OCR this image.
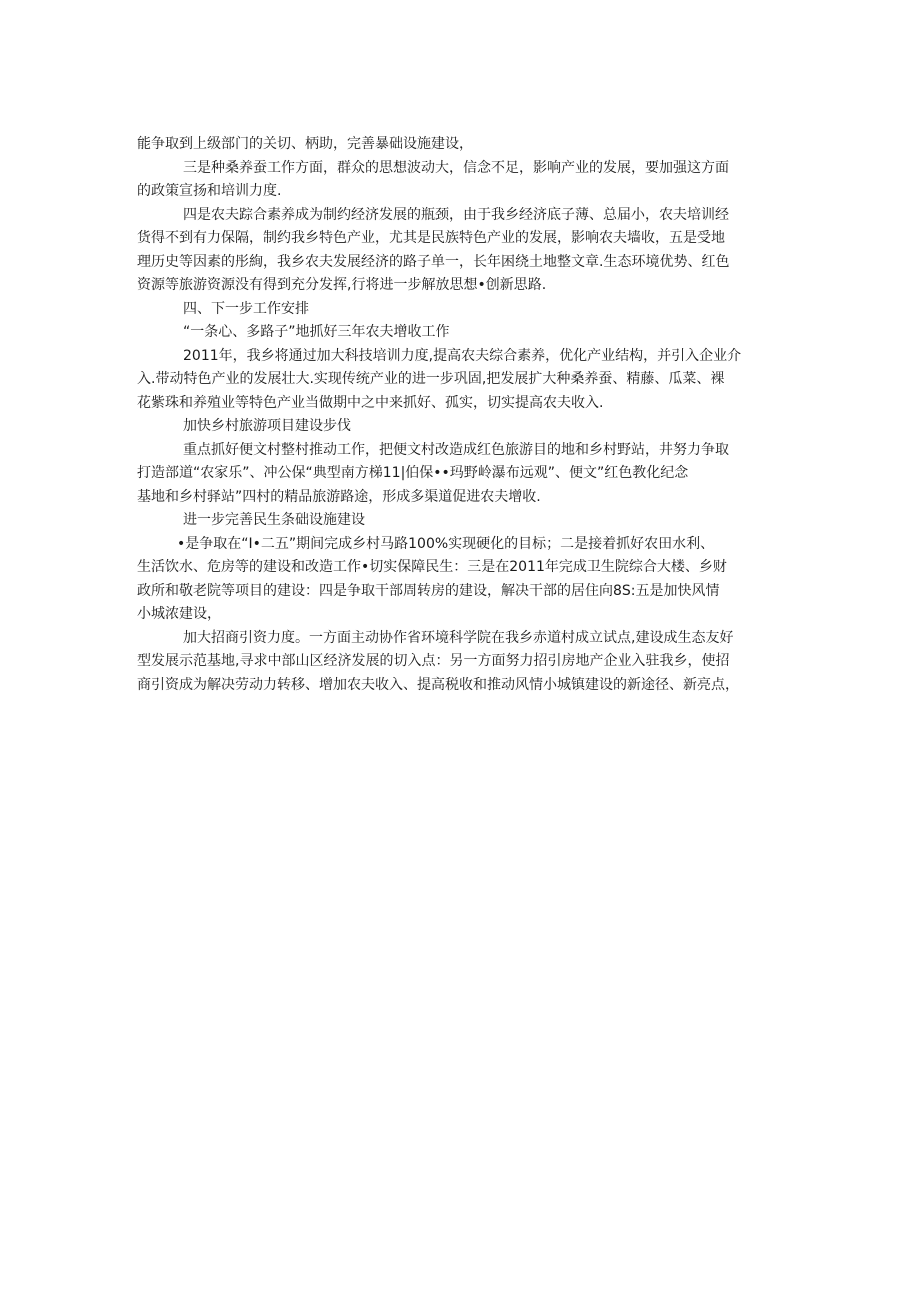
能争取到上级部门的关切、柄助，完善暴础设施建设，
三是种桑养蚕工作方面，群众的思想波动大，信念不足，影响产业的发展，要加强这方面
的政策宣扬和培训力度.
四是农夫踪合素养成为制约经济发展的瓶颈，由于我乡经济底子薄、总届小，农夫培训经
货得不到有力保隔，制约我乡特色产业，尤其是民族特色产业的发展，影响农夫墙收，五是受地
理历史等因素的彤絢，我乡农夫发展经济的路子单一，长年困绕土地整文章.生态环境优势、红色
资源等旅游资源没有得到充分发挥,行将进一步解放思想•创新思路.
四、下一步工作安排
“一条心、多路子”地抓好三年农夫增收工作
2011年，我乡将通过加大科技培训力度,提高农夫综合素养，优化产业结构，并引入企业介
入.带动特色产业的发展壮大.实现传统产业的进一步巩固,把发展扩大种桑养蚕、精藤、瓜菜、裸
花紫珠和养殖业等特色产业当做期中之中来抓好、孤实，切实提高农夫收入.
加快乡村旅游项目建设步伐
重点抓好便文村整村推动工作，把便文村改造成红色旅游目的地和乡村野站，井努力争取
打造部道“农家乐”、冲公保“典型南方梯11|伯保••玛野岭瀑布远观”、便文”红色教化纪念
基地和乡村驿站”四村的精品旅游路途，形成多渠道促进农夫增收.
进一步完善民生条础设施建设
•是争取在“I•二五”期间完成乡村马路100%实现硬化的目标；二是接着抓好农田水利、
生活饮水、危房等的建设和改造工作•切实保障民生：三是在2011年完成卫生院综合大楼、乡财
政所和敬老院等项目的建设：四是争取干部周转房的建设，解决干部的居住向8S:五是加快风情
小城浓建设，
加大招商引资力度。一方面主动协作省环境科学院在我乡赤道村成立试点,建设成生态友好
型发展示范基地,寻求中部山区经济发展的切入点：另一方面努力招引房地产企业入驻我乡，使招
商引资成为解决劳动力转移、增加农夫收入、提高税收和推动风情小城镇建设的新途径、新亮点，
